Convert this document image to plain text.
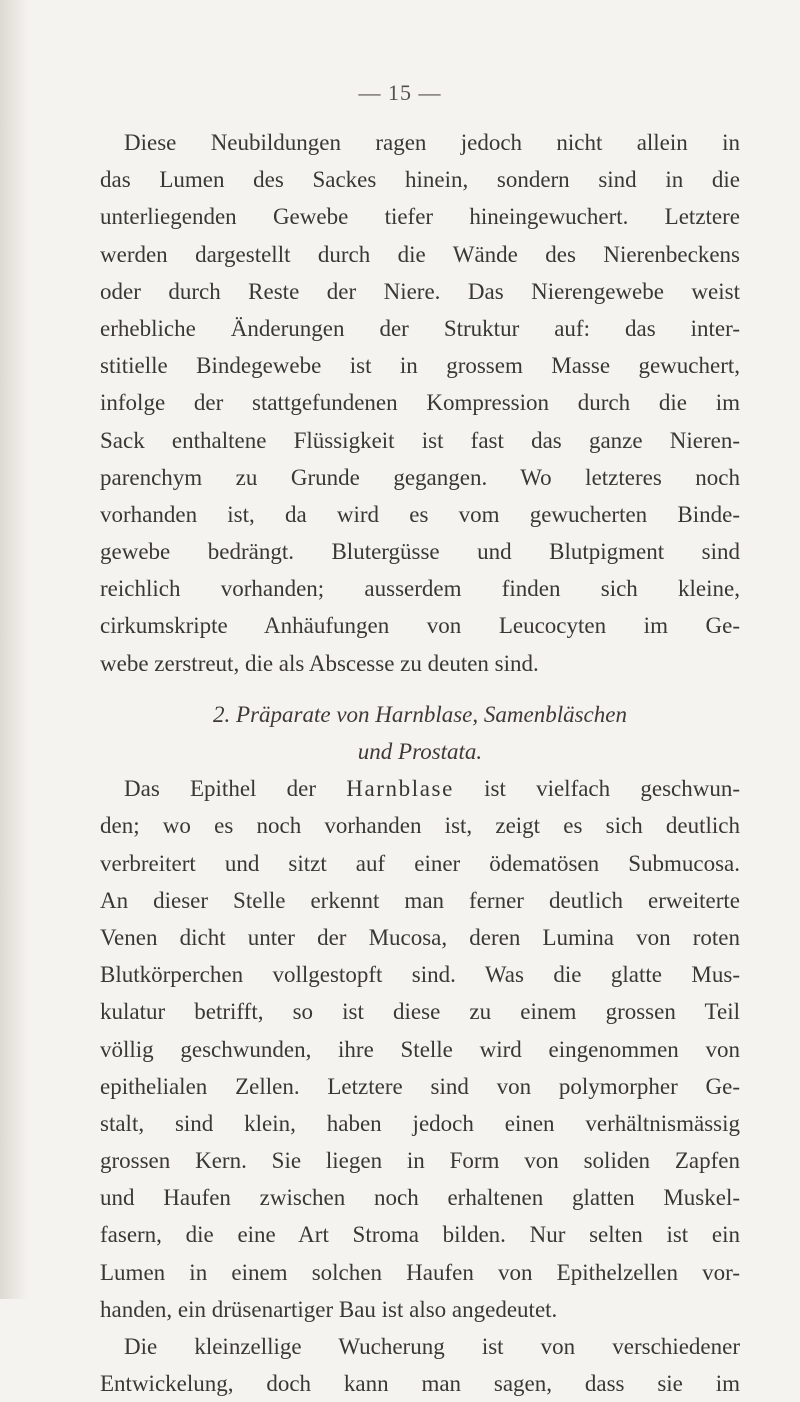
— 15 —
Diese Neubildungen ragen jedoch nicht allein in
das Lumen des Sackes hinein, sondern sind in die
unterliegenden Gewebe tiefer hineingewuchert. Letztere
werden dargestellt durch die Wände des Nierenbeckens
oder durch Reste der Niere. Das Nierengewebe weist
erhebliche Änderungen der Struktur auf: das inter-
stitielle Bindegewebe ist in grossem Masse gewuchert,
infolge der stattgefundenen Kompression durch die im
Sack enthaltene Flüssigkeit ist fast das ganze Nieren-
parenchym zu Grunde gegangen. Wo letzteres noch
vorhanden ist, da wird es vom gewucherten Binde-
gewebe bedrängt. Blutergüsse und Blutpigment sind
reichlich vorhanden; ausserdem finden sich kleine,
cirkumskripte Anhäufungen von Leucocyten im Ge-
webe zerstreut, die als Abscesse zu deuten sind.
2. Präparate von Harnblase, Samenbläschen
und Prostata.
Das Epithel der Harnblase ist vielfach geschwun-
den; wo es noch vorhanden ist, zeigt es sich deutlich
verbreitert und sitzt auf einer ödematösen Submucosa.
An dieser Stelle erkennt man ferner deutlich erweiterte
Venen dicht unter der Mucosa, deren Lumina von roten
Blutkörperchen vollgestopft sind. Was die glatte Mus-
kulatur betrifft, so ist diese zu einem grossen Teil
völlig geschwunden, ihre Stelle wird eingenommen von
epithelialen Zellen. Letztere sind von polymorpher Ge-
stalt, sind klein, haben jedoch einen verhältnismässig
grossen Kern. Sie liegen in Form von soliden Zapfen
und Haufen zwischen noch erhaltenen glatten Muskel-
fasern, die eine Art Stroma bilden. Nur selten ist ein
Lumen in einem solchen Haufen von Epithelzellen vor-
handen, ein drüsenartiger Bau ist also angedeutet.
Die kleinzellige Wucherung ist von verschiedener
Entwickelung, doch kann man sagen, dass sie im
